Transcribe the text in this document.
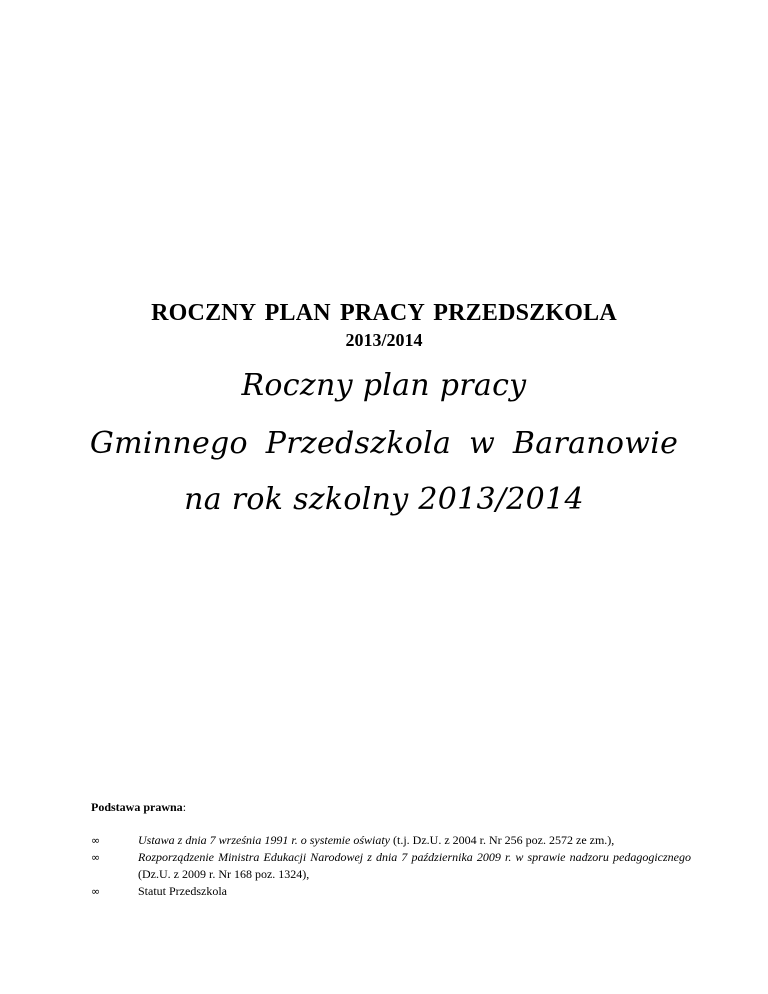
ROCZNY PLAN PRACY PRZEDSZKOLA
2013/2014
Roczny plan pracy
Gminnego Przedszkola w Baranowie
na rok szkolny 2013/2014
Podstawa prawna:
∞	Ustawa z dnia 7 września 1991 r. o systemie oświaty (t.j. Dz.U. z 2004 r. Nr 256 poz. 2572 ze zm.),
∞	Rozporządzenie Ministra Edukacji Narodowej z dnia 7 października 2009 r. w sprawie nadzoru pedagogicznego (Dz.U. z 2009 r. Nr 168 poz. 1324),
∞	Statut Przedszkola
